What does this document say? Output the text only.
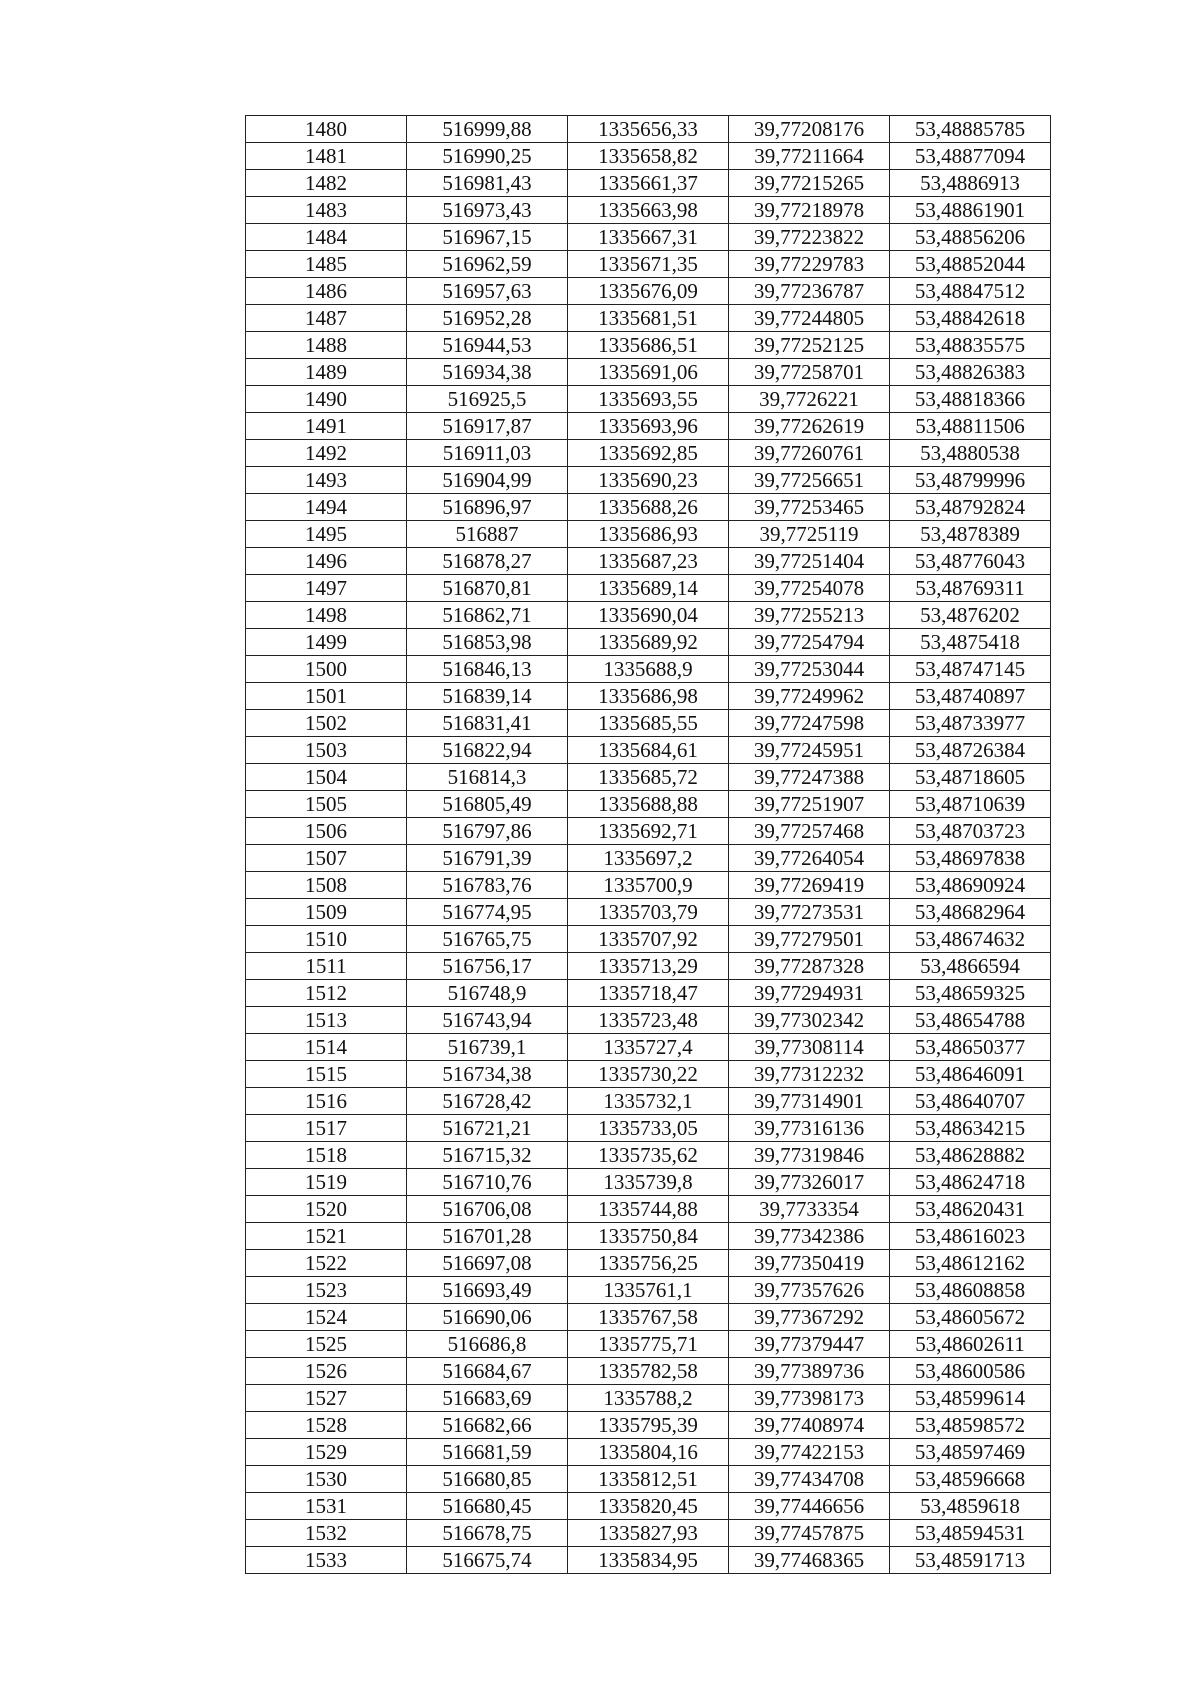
1480	516999,88	1335656,33	39,77208176	53,48885785
1481	516990,25	1335658,82	39,77211664	53,48877094
1482	516981,43	1335661,37	39,77215265	53,4886913
1483	516973,43	1335663,98	39,77218978	53,48861901
1484	516967,15	1335667,31	39,77223822	53,48856206
1485	516962,59	1335671,35	39,77229783	53,48852044
1486	516957,63	1335676,09	39,77236787	53,48847512
1487	516952,28	1335681,51	39,77244805	53,48842618
1488	516944,53	1335686,51	39,77252125	53,48835575
1489	516934,38	1335691,06	39,77258701	53,48826383
1490	516925,5	1335693,55	39,7726221	53,48818366
1491	516917,87	1335693,96	39,77262619	53,48811506
1492	516911,03	1335692,85	39,77260761	53,4880538
1493	516904,99	1335690,23	39,77256651	53,48799996
1494	516896,97	1335688,26	39,77253465	53,48792824
1495	516887	1335686,93	39,7725119	53,4878389
1496	516878,27	1335687,23	39,77251404	53,48776043
1497	516870,81	1335689,14	39,77254078	53,48769311
1498	516862,71	1335690,04	39,77255213	53,4876202
1499	516853,98	1335689,92	39,77254794	53,4875418
1500	516846,13	1335688,9	39,77253044	53,48747145
1501	516839,14	1335686,98	39,77249962	53,48740897
1502	516831,41	1335685,55	39,77247598	53,48733977
1503	516822,94	1335684,61	39,77245951	53,48726384
1504	516814,3	1335685,72	39,77247388	53,48718605
1505	516805,49	1335688,88	39,77251907	53,48710639
1506	516797,86	1335692,71	39,77257468	53,48703723
1507	516791,39	1335697,2	39,77264054	53,48697838
1508	516783,76	1335700,9	39,77269419	53,48690924
1509	516774,95	1335703,79	39,77273531	53,48682964
1510	516765,75	1335707,92	39,77279501	53,48674632
1511	516756,17	1335713,29	39,77287328	53,4866594
1512	516748,9	1335718,47	39,77294931	53,48659325
1513	516743,94	1335723,48	39,77302342	53,48654788
1514	516739,1	1335727,4	39,77308114	53,48650377
1515	516734,38	1335730,22	39,77312232	53,48646091
1516	516728,42	1335732,1	39,77314901	53,48640707
1517	516721,21	1335733,05	39,77316136	53,48634215
1518	516715,32	1335735,62	39,77319846	53,48628882
1519	516710,76	1335739,8	39,77326017	53,48624718
1520	516706,08	1335744,88	39,7733354	53,48620431
1521	516701,28	1335750,84	39,77342386	53,48616023
1522	516697,08	1335756,25	39,77350419	53,48612162
1523	516693,49	1335761,1	39,77357626	53,48608858
1524	516690,06	1335767,58	39,77367292	53,48605672
1525	516686,8	1335775,71	39,77379447	53,48602611
1526	516684,67	1335782,58	39,77389736	53,48600586
1527	516683,69	1335788,2	39,77398173	53,48599614
1528	516682,66	1335795,39	39,77408974	53,48598572
1529	516681,59	1335804,16	39,77422153	53,48597469
1530	516680,85	1335812,51	39,77434708	53,48596668
1531	516680,45	1335820,45	39,77446656	53,4859618
1532	516678,75	1335827,93	39,77457875	53,48594531
1533	516675,74	1335834,95	39,77468365	53,48591713
